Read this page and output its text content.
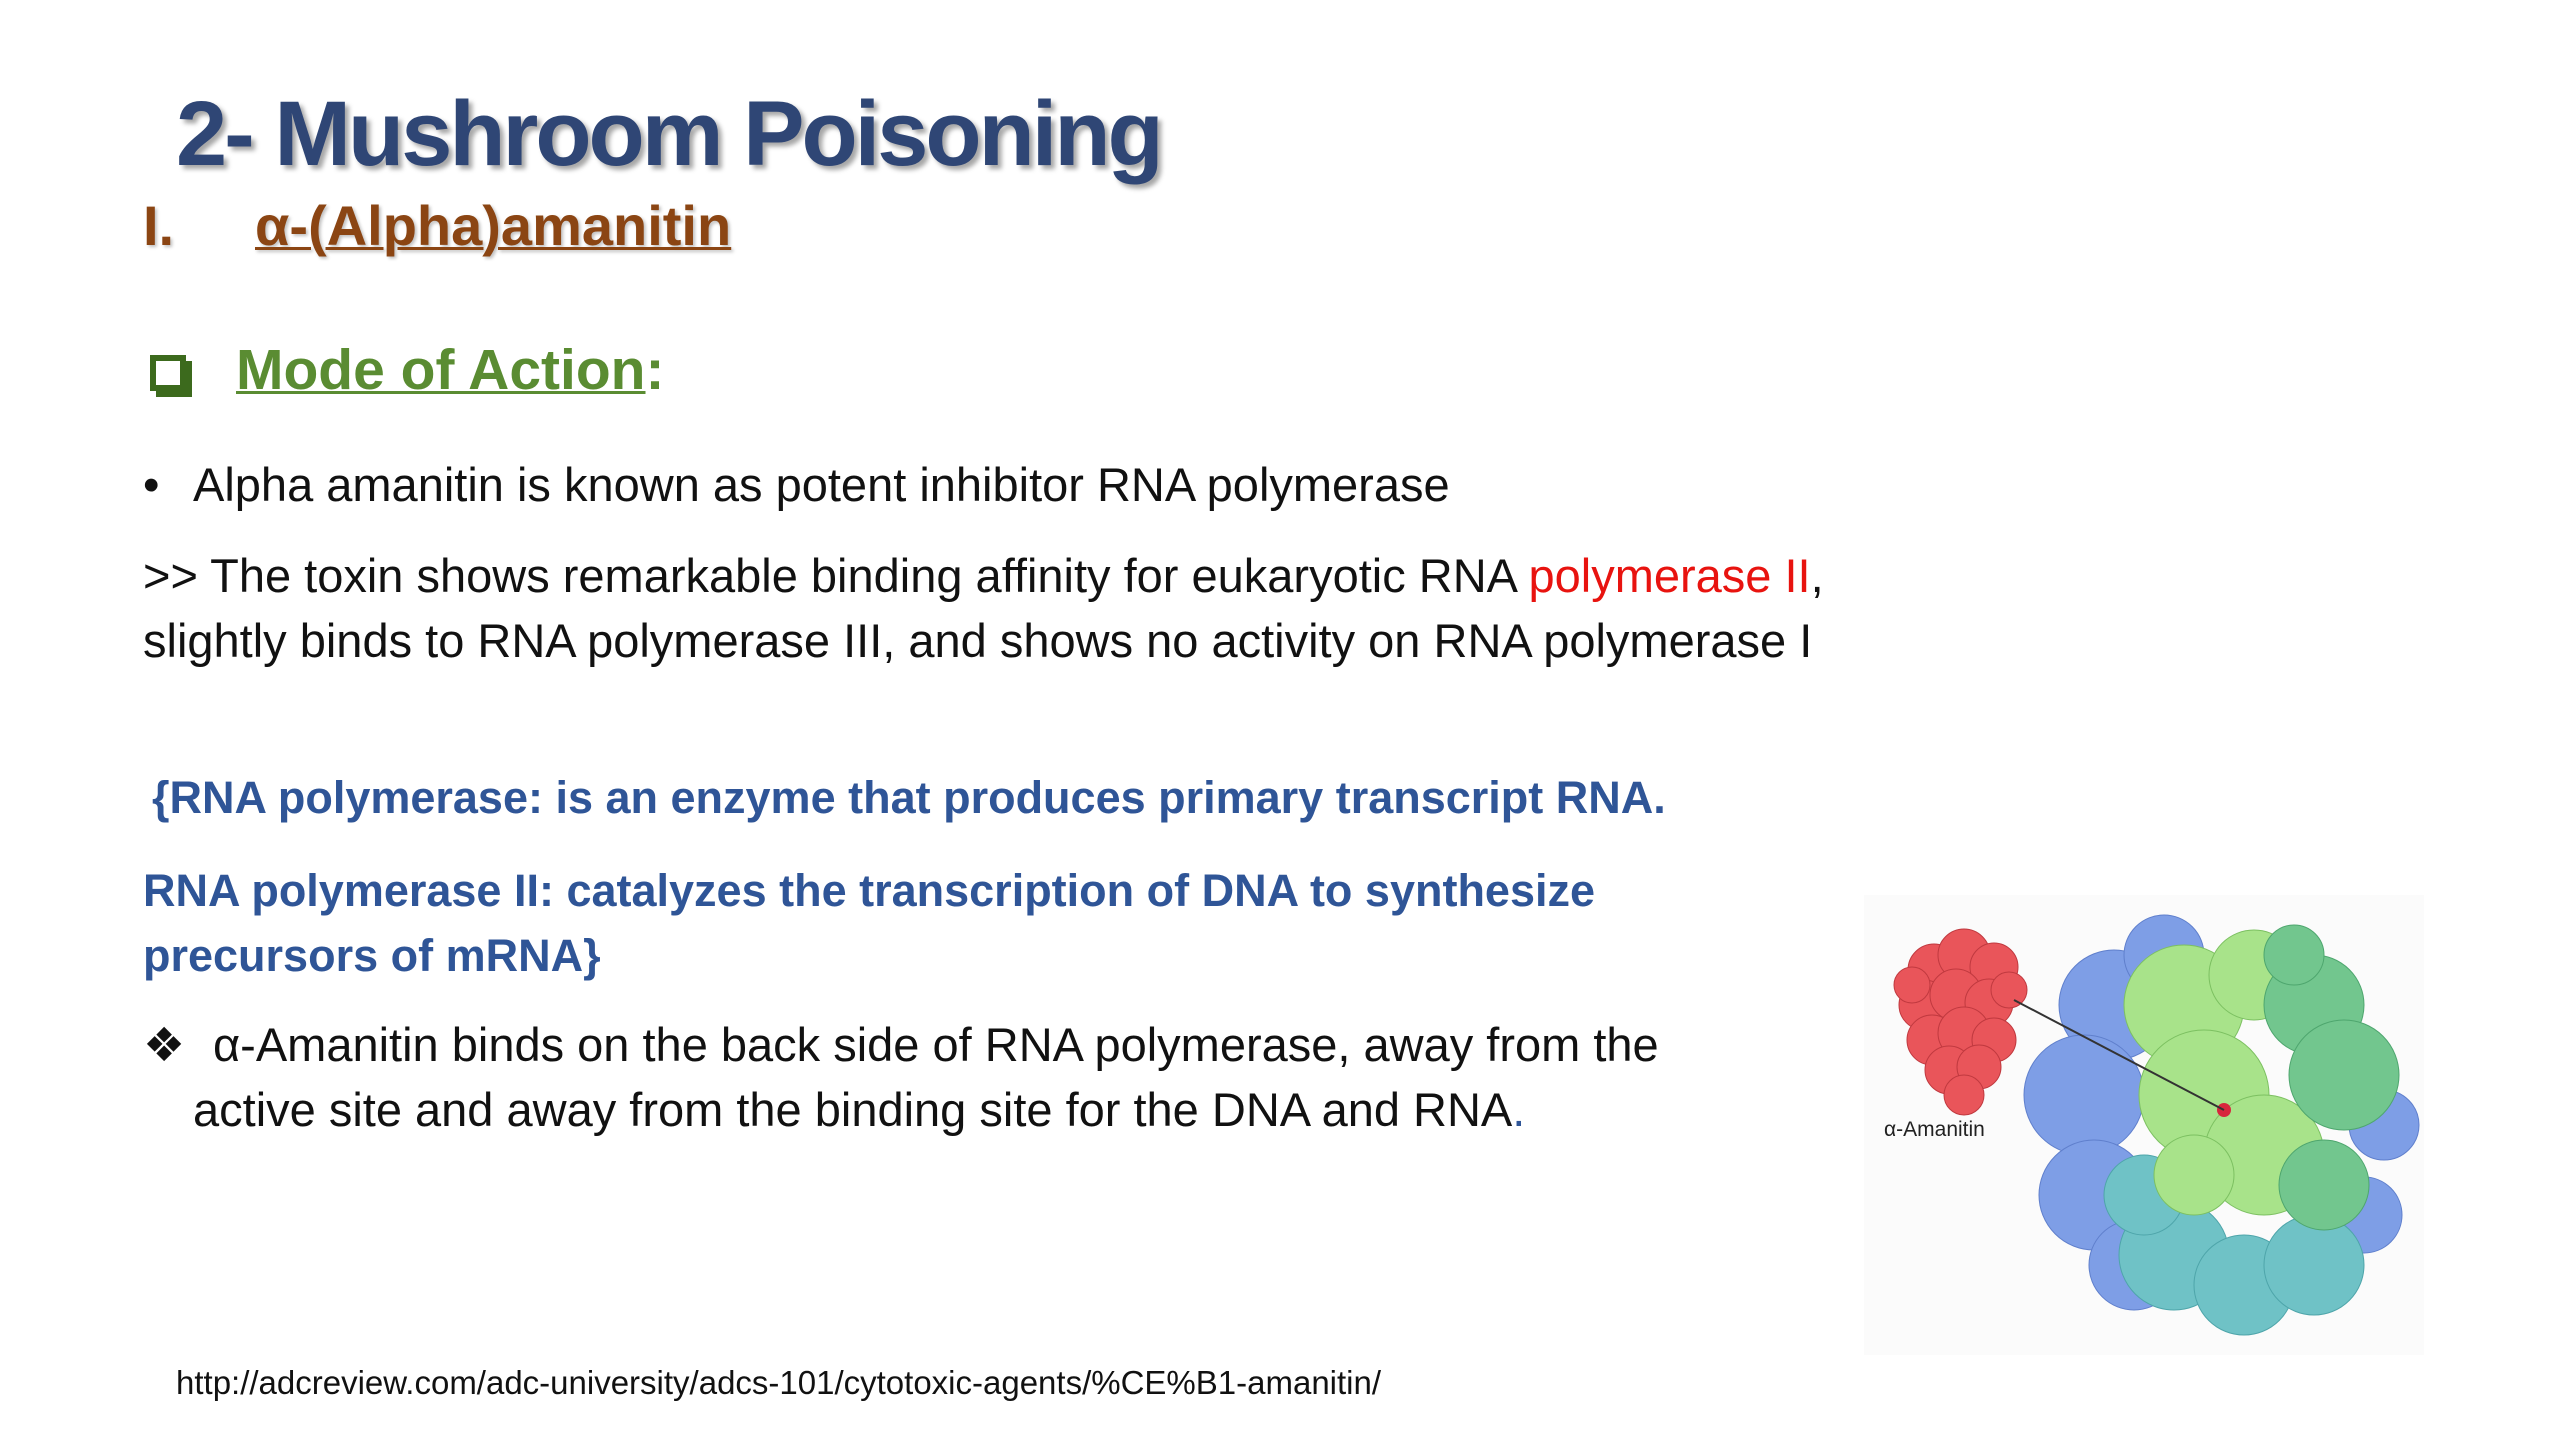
2- Mushroom Poisoning
I. α-(Alpha)amanitin
Mode of Action:
• Alpha amanitin is known as potent inhibitor RNA polymerase
>> The toxin shows remarkable binding affinity for eukaryotic RNA polymerase II, slightly binds to RNA polymerase III, and shows no activity on RNA polymerase I
{RNA polymerase: is an enzyme that produces primary transcript RNA.
RNA polymerase II: catalyzes the transcription of DNA to synthesize precursors of mRNA}
❖ α-Amanitin binds on the back side of RNA polymerase, away from the
active site and away from the binding site for the DNA and RNA.	α-Amanitin
http://adcreview.com/adc-university/adcs-101/cytotoxic-agents/%CE%B1-amanitin/
